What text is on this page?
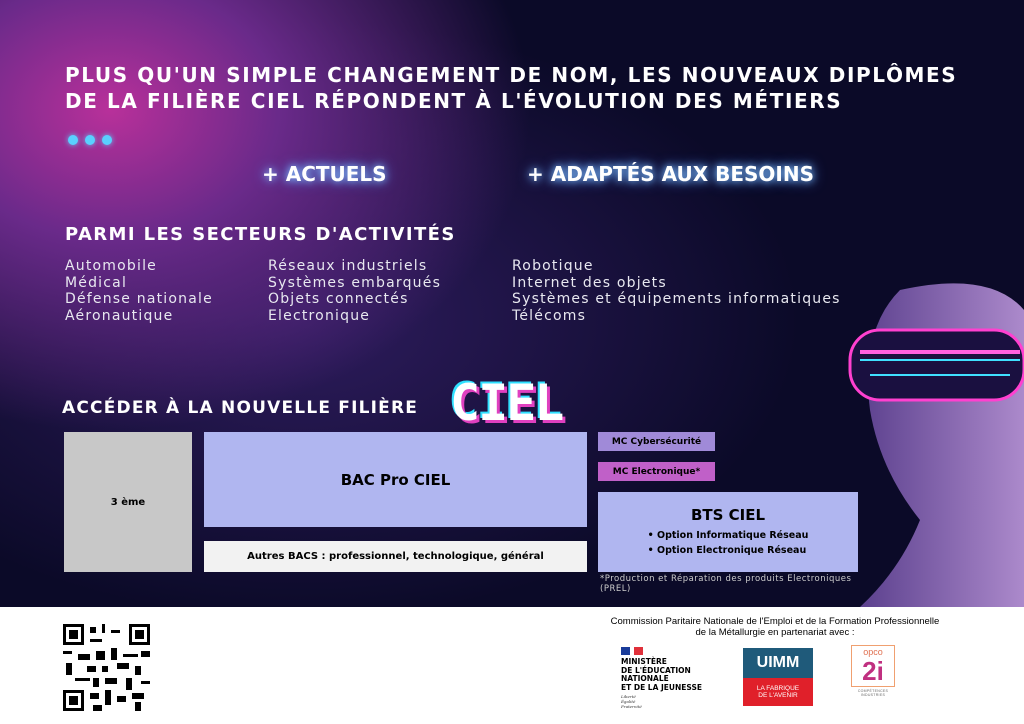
PLUS QU'UN SIMPLE CHANGEMENT DE NOM, LES NOUVEAUX DIPLÔMES
DE LA FILIÈRE CIEL RÉPONDENT À L'ÉVOLUTION DES MÉTIERS
+ ACTUELS	+ ADAPTÉS AUX BESOINS
PARMI LES SECTEURS D'ACTIVITÉS
Automobile
Médical
Défense nationale
Aéronautique
Réseaux industriels
Systèmes embarqués
Objets connectés
Electronique
Robotique
Internet des objets
Systèmes et équipements informatiques
Télécoms
ACCÉDER À LA NOUVELLE FILIÈRE CIEL
3 ème
BAC Pro CIEL
Autres BACS : professionnel, technologique, général
MC Cybersécurité
MC Electronique*
BTS CIEL
• Option Informatique Réseau
• Option Electronique Réseau
*Production et Réparation des produits Electroniques (PREL)
Commission Paritaire Nationale de l'Emploi et de la Formation Professionnelle
de la Métallurgie en partenariat avec :
MINISTÈRE
DE L'ÉDUCATION
NATIONALE
ET DE LA JEUNESSE
Liberté
Égalité
Fraternité
UIMM
LA FABRIQUE
DE L'AVENIR
opco
2i
COMPÉTENCES INDUSTRIES
